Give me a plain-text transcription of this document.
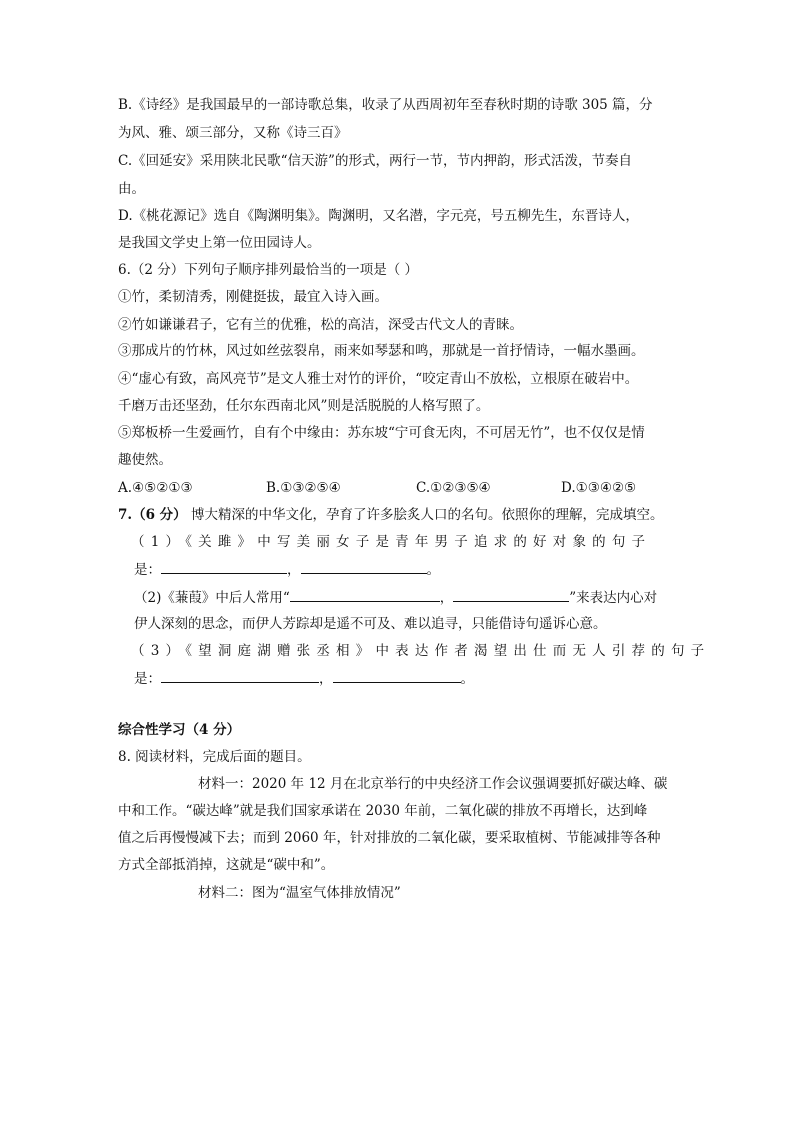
B.《诗经》是我国最早的一部诗歌总集，收录了从西周初年至春秋时期的诗歌 305 篇，分
为风、雅、颂三部分，又称《诗三百》
C.《回延安》采用陕北民歌“信天游”的形式，两行一节，节内押韵，形式活泼，节奏自
由。
D.《桃花源记》选自《陶渊明集》。陶渊明，又名潜，字元亮，号五柳先生，东晋诗人，
是我国文学史上第一位田园诗人。
6.（2 分）下列句子顺序排列最恰当的一项是（ ）
①竹，柔韧清秀，刚健挺拔，最宜入诗入画。
②竹如谦谦君子，它有兰的优雅，松的高洁，深受古代文人的青睐。
③那成片的竹林，风过如丝弦裂帛，雨来如琴瑟和鸣，那就是一首抒情诗，一幅水墨画。
④“虚心有致，高风亮节”是文人雅士对竹的评价，“咬定青山不放松，立根原在破岩中。
千磨万击还坚劲，任尔东西南北风”则是活脱脱的人格写照了。
⑤郑板桥一生爱画竹，自有个中缘由：苏东坡“宁可食无肉，不可居无竹”，也不仅仅是情
趣使然。
A.④⑤②①③	B.①③②⑤④	C.①②③⑤④	D.①③④②⑤
7.（6 分） 博大精深的中华文化，孕育了许多脍炙人口的名句。依照你的理解，完成填空。
（1）《关雎》中写美丽女子是青年男子追求的好对象的句子
是：	，	。
（2)《蒹葭》中后人常用“	，	”来表达内心对
伊人深刻的思念，而伊人芳踪却是遥不可及、难以追寻，只能借诗句遥诉心意。
（3）《望洞庭湖赠张丞相》中表达作者渴望出仕而无人引荐的句子
是：	，	。
综合性学习（4 分）
8. 阅读材料，完成后面的题目。
材料一：2020 年 12 月在北京举行的中央经济工作会议强调要抓好碳达峰、碳
中和工作。“碳达峰”就是我们国家承诺在 2030 年前，二氧化碳的排放不再增长，达到峰
值之后再慢慢减下去；而到 2060 年，针对排放的二氧化碳，要采取植树、节能减排等各种
方式全部抵消掉，这就是“碳中和”。
材料二：图为“温室气体排放情况”
